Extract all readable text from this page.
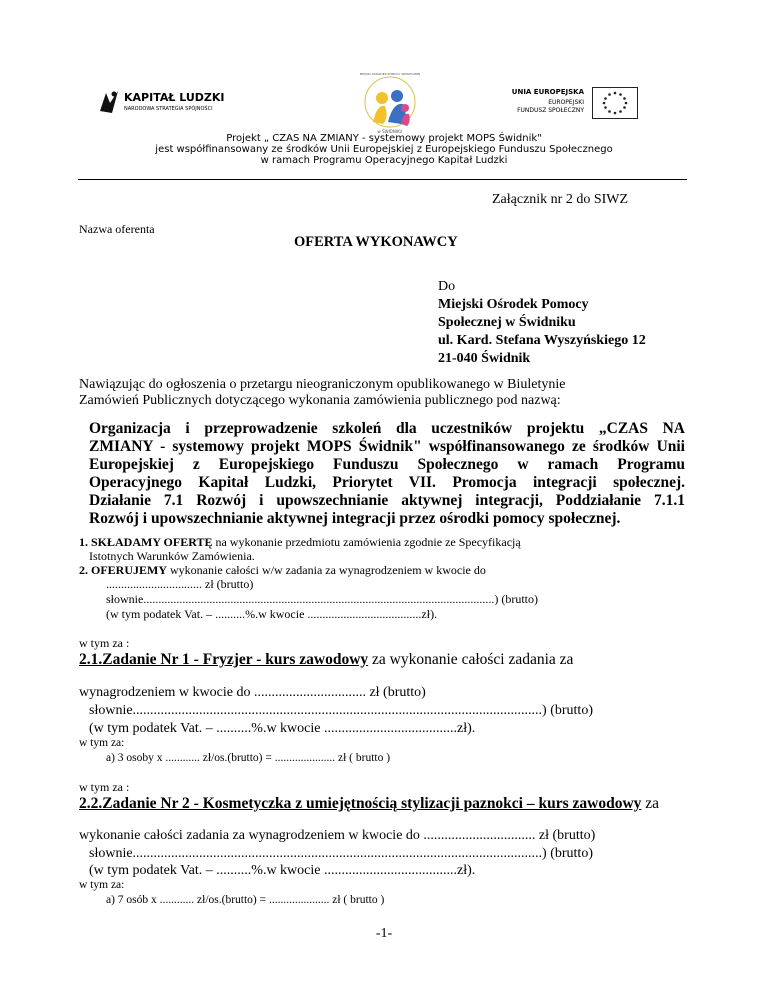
KAPITAŁ LUDZKI
NARODOWA STRATEGIA SPÓJNOŚCI
MIEJSKI OŚRODEK POMOCY SPOŁECZNEJ
w ŚWIDNIKU
UNIA EUROPEJSKA
EUROPEJSKI
FUNDUSZ SPOŁECZNY
Projekt „ CZAS NA ZMIANY - systemowy projekt MOPS Świdnik"
jest współfinansowany ze środków Unii Europejskiej z Europejskiego Funduszu Społecznego
w ramach Programu Operacyjnego Kapitał Ludzki
Załącznik nr 2 do SIWZ
Nazwa oferenta
OFERTA WYKONAWCY
Do
Miejski Ośrodek Pomocy
Społecznej w Świdniku
ul. Kard. Stefana Wyszyńskiego 12
21-040 Świdnik
Nawiązując do ogłoszenia o przetargu nieograniczonym opublikowanego w Biuletynie
Zamówień Publicznych dotyczącego wykonania zamówienia publicznego pod nazwą:
Organizacja i przeprowadzenie szkoleń dla uczestników projektu „CZAS NA
ZMIANY - systemowy projekt MOPS Świdnik" współfinansowanego ze środków Unii
Europejskiej z Europejskiego Funduszu Społecznego w ramach Programu
Operacyjnego Kapitał Ludzki, Priorytet VII. Promocja integracji społecznej.
Działanie 7.1 Rozwój i upowszechnianie aktywnej integracji, Poddziałanie 7.1.1
Rozwój i upowszechnianie aktywnej integracji przez ośrodki pomocy społecznej.
1. SKŁADAMY OFERTĘ na wykonanie przedmiotu zamówienia zgodnie ze Specyfikacją
Istotnych Warunków Zamówienia.
2. OFERUJEMY wykonanie całości w/w zadania za wynagrodzeniem w kwocie do
................................ zł (brutto)
słownie.....................................................................................................................) (brutto)
(w tym podatek Vat. – ..........%.w kwocie ......................................zł).
w tym za :
2.1.Zadanie Nr 1 - Fryzjer - kurs zawodowy za wykonanie całości zadania za
wynagrodzeniem w kwocie do ................................ zł (brutto)
słownie.....................................................................................................................) (brutto)
(w tym podatek Vat. – ..........%.w kwocie ......................................zł).
w tym za:
a) 3 osoby x ............ zł/os.(brutto) = ..................... zł ( brutto )
w tym za :
2.2.Zadanie Nr 2 - Kosmetyczka z umiejętnością stylizacji paznokci – kurs zawodowy za
wykonanie całości zadania za wynagrodzeniem w kwocie do ................................ zł (brutto)
słownie.....................................................................................................................) (brutto)
(w tym podatek Vat. – ..........%.w kwocie ......................................zł).
w tym za:
a) 7 osób x ............ zł/os.(brutto) = ..................... zł ( brutto )
-1-
